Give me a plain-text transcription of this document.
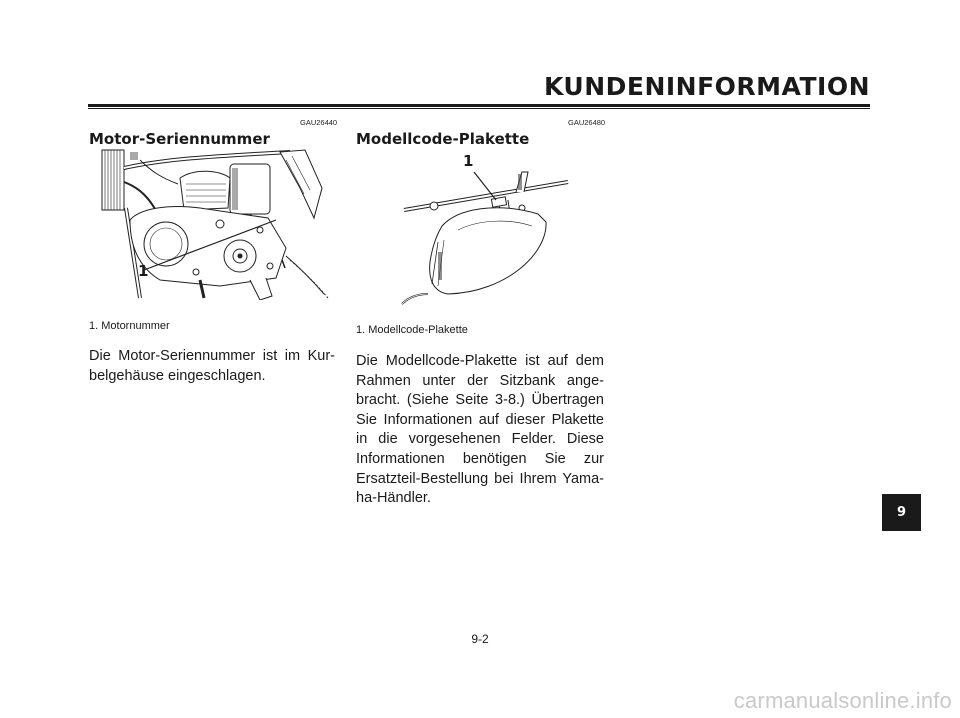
KUNDENINFORMATION
GAU26440
Motor-Seriennummer
1
1. Motornummer
Die Motor-Seriennummer ist im Kur-
belgehäuse eingeschlagen.
GAU26480
Modellcode-Plakette
1
1. Modellcode-Plakette
Die Modellcode-Plakette ist auf dem
Rahmen unter der Sitzbank ange-
bracht. (Siehe Seite 3-8.) Übertragen
Sie Informationen auf dieser Plakette
in die vorgesehenen Felder. Diese
Informationen benötigen Sie zur
Ersatzteil-Bestellung bei Ihrem Yama-
ha-Händler.
9
9-2
carmanualsonline.info
